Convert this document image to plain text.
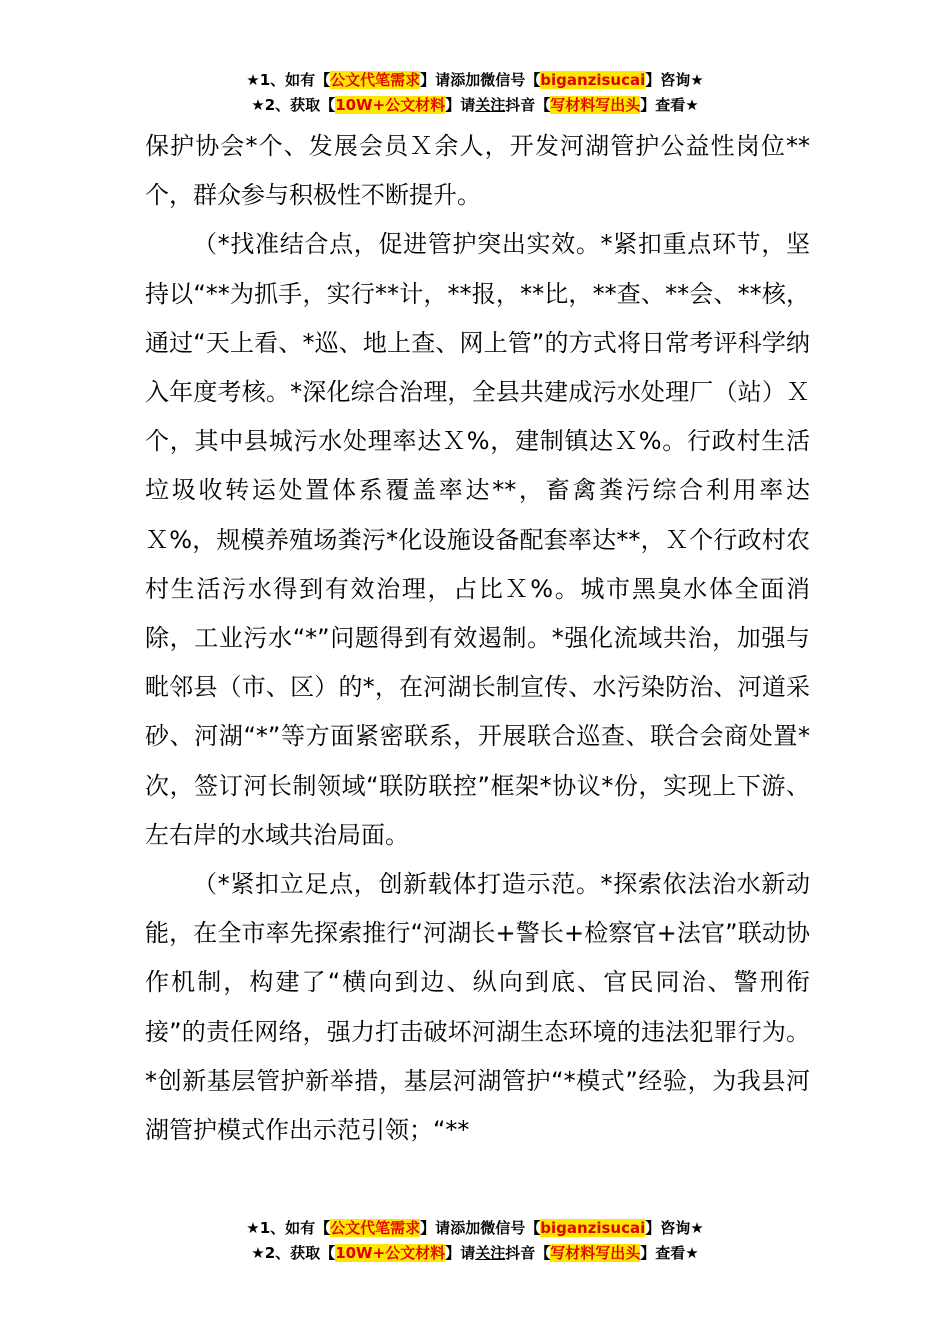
★1、如有【公文代笔需求】请添加微信号【biganzisucai】咨询★
★2、获取【10W+公文材料】请关注抖音【写材料写出头】查看★

保护协会*个、发展会员Ｘ余人，开发河湖管护公益性岗位**个，群众参与积极性不断提升。

（*找准结合点，促进管护突出实效。*紧扣重点环节，坚持以“**为抓手，实行**计，**报，**比，**查、**会、**核，通过“天上看、*巡、地上查、网上管”的方式将日常考评科学纳入年度考核。*深化综合治理，全县共建成污水处理厂（站）Ｘ个，其中县城污水处理率达Ｘ%，建制镇达Ｘ%。行政村生活垃圾收转运处置体系覆盖率达**，畜禽粪污综合利用率达Ｘ%，规模养殖场粪污*化设施设备配套率达**，Ｘ个行政村农村生活污水得到有效治理，占比Ｘ%。城市黑臭水体全面消除，工业污水“*”问题得到有效遏制。*强化流域共治，加强与毗邻县（市、区）的*，在河湖长制宣传、水污染防治、河道采砂、河湖“*”等方面紧密联系，开展联合巡查、联合会商处置*次，签订河长制领域“联防联控”框架*协议*份，实现上下游、左右岸的水域共治局面。

（*紧扣立足点，创新载体打造示范。*探索依法治水新动能，在全市率先探索推行“河湖长+警长+检察官+法官”联动协作机制，构建了“横向到边、纵向到底、官民同治、警刑衔接”的责任网络，强力打击破坏河湖生态环境的违法犯罪行为。*创新基层管护新举措，基层河湖管护“*模式”经验，为我县河湖管护模式作出示范引领；“**

★1、如有【公文代笔需求】请添加微信号【biganzisucai】咨询★
★2、获取【10W+公文材料】请关注抖音【写材料写出头】查看★
